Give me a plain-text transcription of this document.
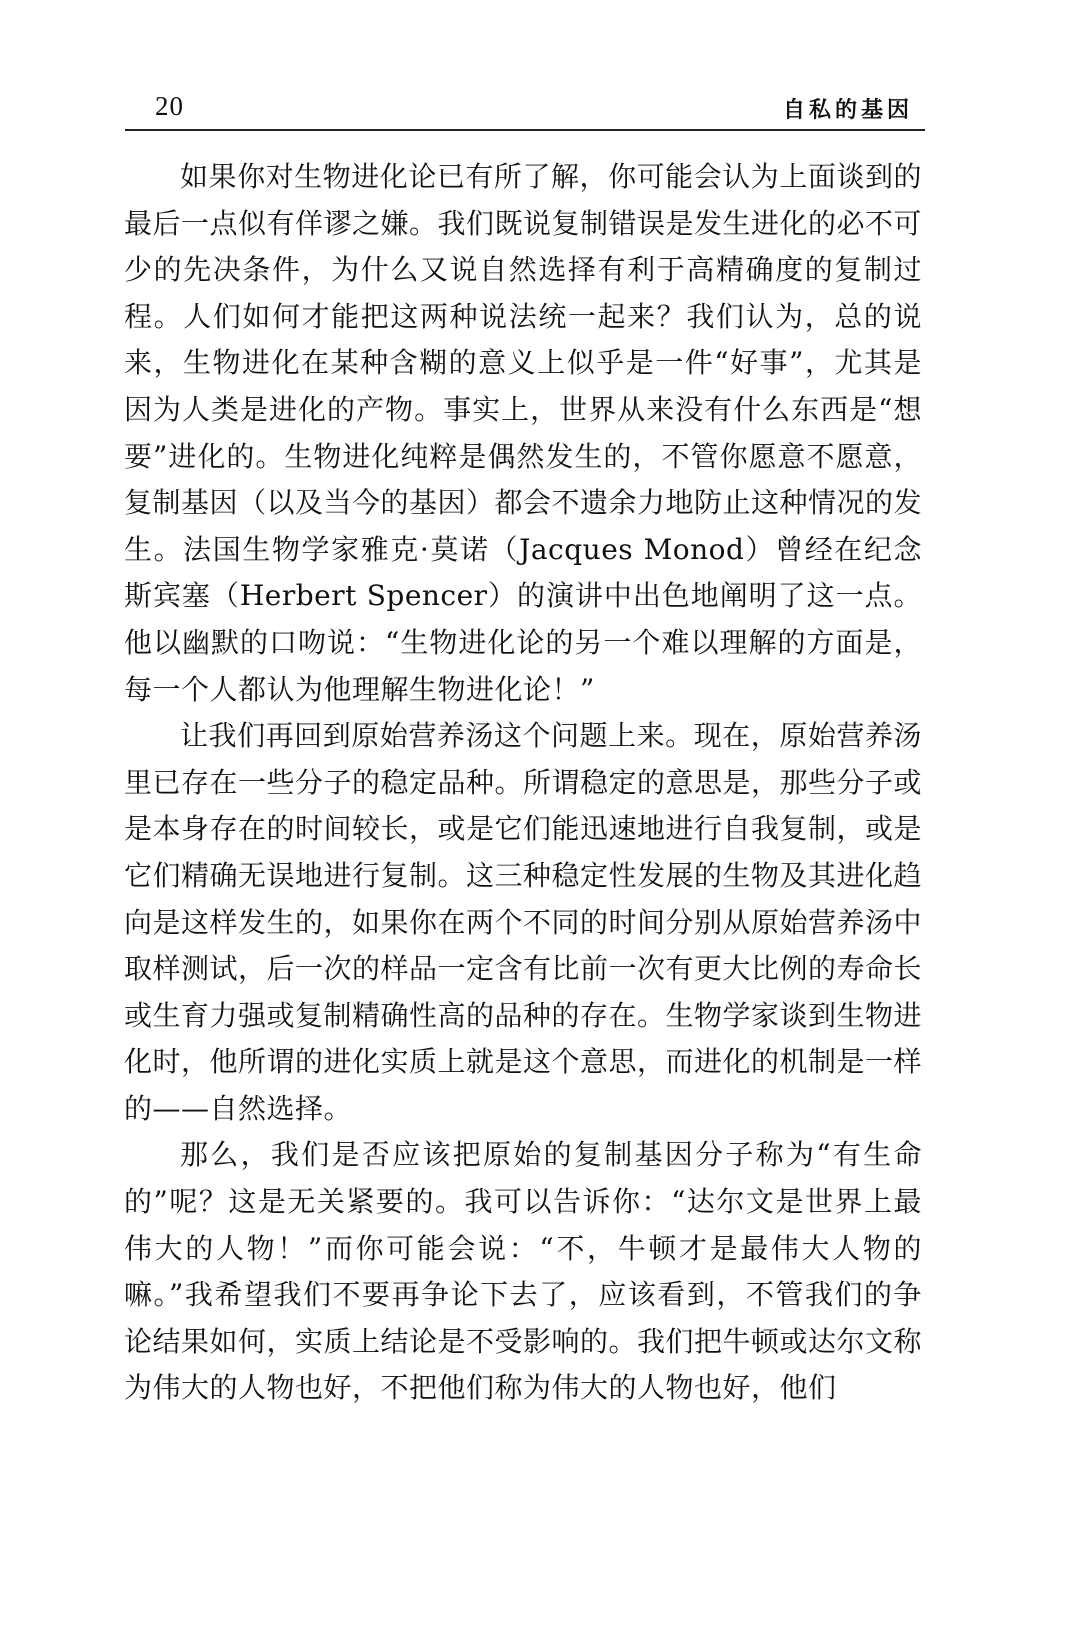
20	自私的基因

如果你对生物进化论已有所了解，你可能会认为上面谈到的最后一点似有佯谬之嫌。我们既说复制错误是发生进化的必不可少的先决条件，为什么又说自然选择有利于高精确度的复制过程。人们如何才能把这两种说法统一起来？我们认为，总的说来，生物进化在某种含糊的意义上似乎是一件“好事”，尤其是因为人类是进化的产物。事实上，世界从来没有什么东西是“想要”进化的。生物进化纯粹是偶然发生的，不管你愿意不愿意，复制基因（以及当今的基因）都会不遗余力地防止这种情况的发生。法国生物学家雅克·莫诺（Jacques Monod）曾经在纪念斯宾塞（Herbert Spencer）的演讲中出色地阐明了这一点。他以幽默的口吻说：“生物进化论的另一个难以理解的方面是，每一个人都认为他理解生物进化论！”

让我们再回到原始营养汤这个问题上来。现在，原始营养汤里已存在一些分子的稳定品种。所谓稳定的意思是，那些分子或是本身存在的时间较长，或是它们能迅速地进行自我复制，或是它们精确无误地进行复制。这三种稳定性发展的生物及其进化趋向是这样发生的，如果你在两个不同的时间分别从原始营养汤中取样测试，后一次的样品一定含有比前一次有更大比例的寿命长或生育力强或复制精确性高的品种的存在。生物学家谈到生物进化时，他所谓的进化实质上就是这个意思，而进化的机制是一样的——自然选择。

那么，我们是否应该把原始的复制基因分子称为“有生命的”呢？这是无关紧要的。我可以告诉你：“达尔文是世界上最伟大的人物！”而你可能会说：“不，牛顿才是最伟大人物的嘛。”我希望我们不要再争论下去了，应该看到，不管我们的争论结果如何，实质上结论是不受影响的。我们把牛顿或达尔文称为伟大的人物也好，不把他们称为伟大的人物也好，他们
